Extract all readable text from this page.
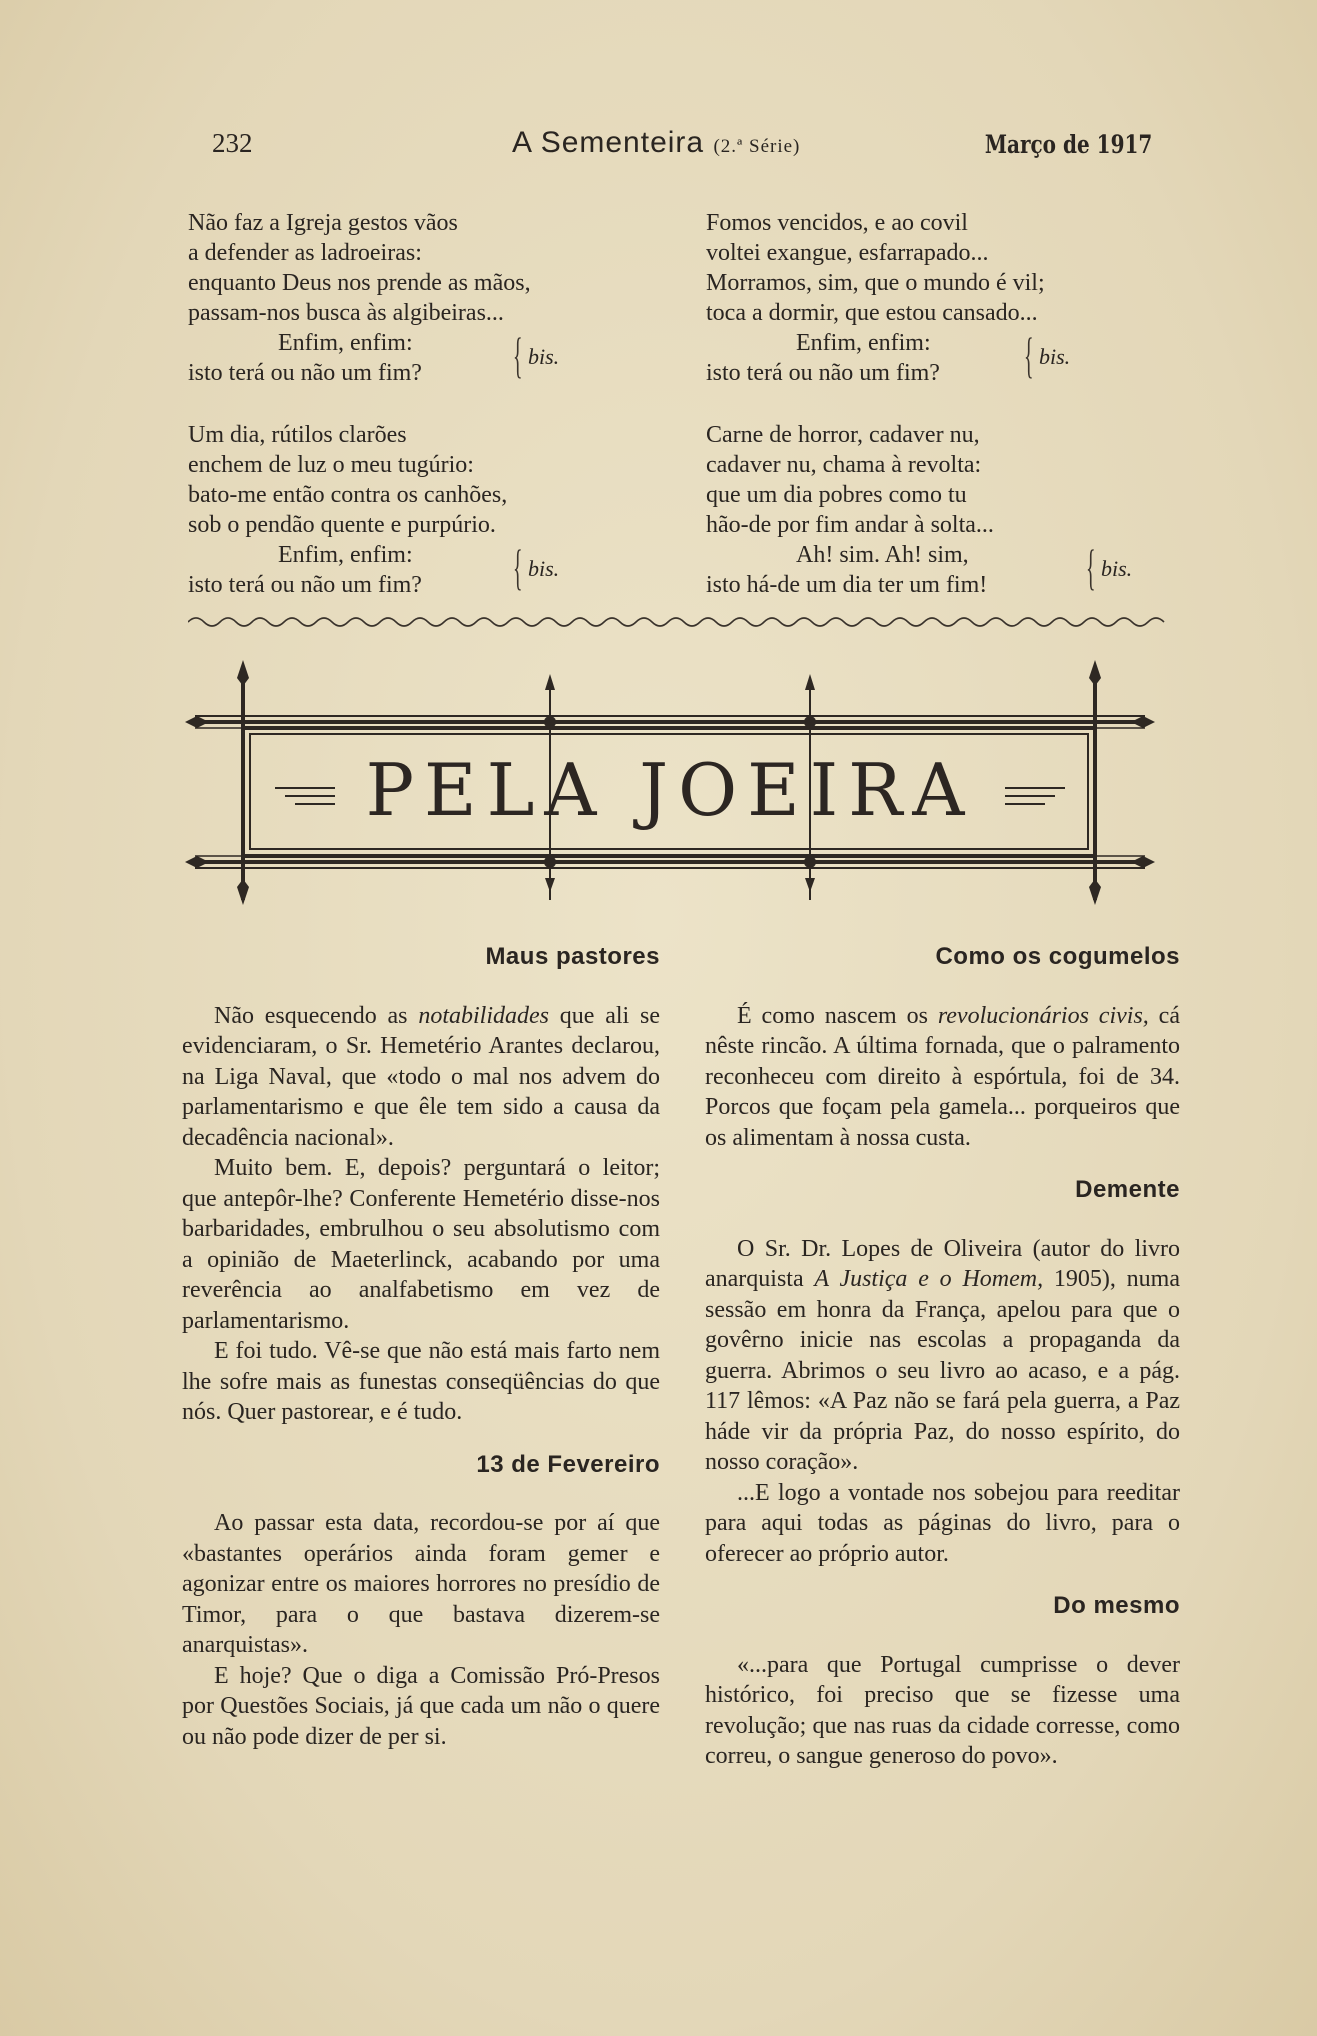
232	A Sementeira (2.ª Série)	Março de 1917
Não faz a Igreja gestos vãos
a defender as ladroeiras:
enquanto Deus nos prende as mãos,
passam-nos busca às algibeiras...
Enfim, enfim:
isto terá ou não um fim?	{ bis.
Um dia, rútilos clarões
enchem de luz o meu tugúrio:
bato-me então contra os canhões,
sob o pendão quente e purpúrio.
Enfim, enfim:
isto terá ou não um fim?	{ bis.
Fomos vencidos, e ao covil
voltei exangue, esfarrapado...
Morramos, sim, que o mundo é vil;
toca a dormir, que estou cansado...
Enfim, enfim:
isto terá ou não um fim?	{ bis.
Carne de horror, cadaver nu,
cadaver nu, chama à revolta:
que um dia pobres como tu
hão-de por fim andar à solta...
Ah! sim. Ah! sim,
isto há-de um dia ter um fim!	{ bis.
PELA JOEIRA
Maus pastores

Não esquecendo as notabilidades que ali se evidenciaram, o Sr. Hemetério Arantes declarou, na Liga Naval, que «todo o mal nos advem do parlamentarismo e que êle tem sido a causa da decadência nacional».

Muito bem. E, depois? perguntará o leitor; que antepôr-lhe? Conferente Hemetério disse-nos barbaridades, embrulhou o seu absolutismo com a opinião de Maeterlinck, acabando por uma reverência ao analfabetismo em vez de parlamentarismo.

E foi tudo. Vê-se que não está mais farto nem lhe sofre mais as funestas conseqüências do que nós. Quer pastorear, e é tudo.

13 de Fevereiro

Ao passar esta data, recordou-se por aí que «bastantes operários ainda foram gemer e agonizar entre os maiores horrores no presídio de Timor, para o que bastava dizerem-se anarquistas».

E hoje? Que o diga a Comissão Pró-Presos por Questões Sociais, já que cada um não o quere ou não pode dizer de per si.

Como os cogumelos

É como nascem os revolucionários civis, cá nêste rincão. A última fornada, que o palramento reconheceu com direito à espórtula, foi de 34. Porcos que foçam pela gamela... porqueiros que os alimentam à nossa custa.

Demente

O Sr. Dr. Lopes de Oliveira (autor do livro anarquista A Justiça e o Homem, 1905), numa sessão em honra da França, apelou para que o govêrno inicie nas escolas a propaganda da guerra. Abrimos o seu livro ao acaso, e a pág. 117 lêmos: «A Paz não se fará pela guerra, a Paz háde vir da própria Paz, do nosso espírito, do nosso coração».

...E logo a vontade nos sobejou para reeditar para aqui todas as páginas do livro, para o oferecer ao próprio autor.

Do mesmo

«...para que Portugal cumprisse o dever histórico, foi preciso que se fizesse uma revolução; que nas ruas da cidade corresse, como correu, o sangue generoso do povo».
